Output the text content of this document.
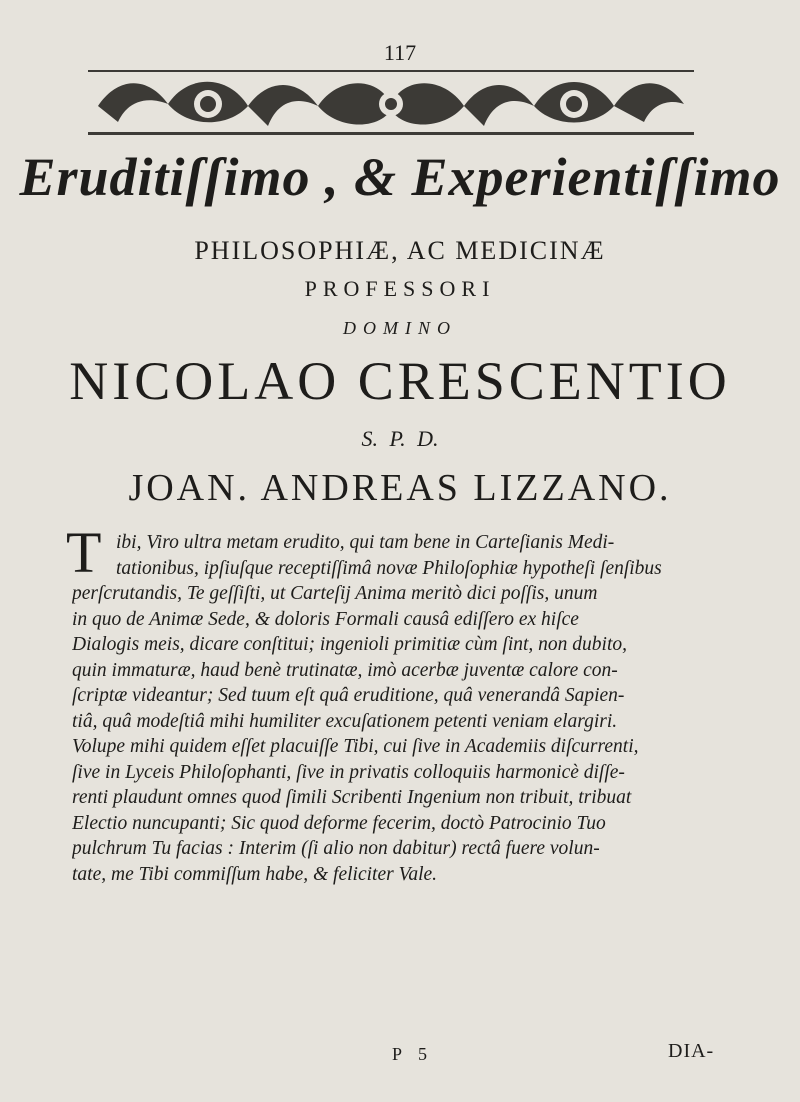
117
Eruditiſſimo , & Experientiſſimo
PHILOSOPHIÆ, AC MEDICINÆ
PROFESSORI
DOMINO
NICOLAO CRESCENTIO
S. P. D.
JOAN. ANDREAS LIZZANO.
T ibi, Viro ultra metam erudito, qui tam bene in Carteſianis Medi-
tationibus, ipſiuſque receptiſſimâ novæ Philoſophiæ hypotheſi ſenſibus
perſcrutandis, Te geſſiſti, ut Carteſij Anima meritò dici poſſis, unum
in quo de Animæ Sede, & doloris Formali causâ ediſſero ex hiſce
Dialogis meis, dicare conſtitui; ingenioli primitiæ cùm ſint, non dubito,
quin immaturæ, haud benè trutinatæ, imò acerbæ juventæ calore con-
ſcriptæ videantur; Sed tuum eſt quâ eruditione, quâ venerandâ Sapien-
tiâ, quâ modeſtiâ mihi humiliter excuſationem petenti veniam elargiri.
Volupe mihi quidem eſſet placuiſſe Tibi, cui ſive in Academiis diſcurrenti,
ſive in Lyceis Philoſophanti, ſive in privatis colloquiis harmonicè diſſe-
renti plaudunt omnes quod ſimili Scribenti Ingenium non tribuit, tribuat
Electio nuncupanti; Sic quod deforme fecerim, doctò Patrocinio Tuo
pulchrum Tu facias : Interim (ſi alio non dabitur) rectâ fuere volun-
tate, me Tibi commiſſum habe, & feliciter Vale.
P 5	DIA-
